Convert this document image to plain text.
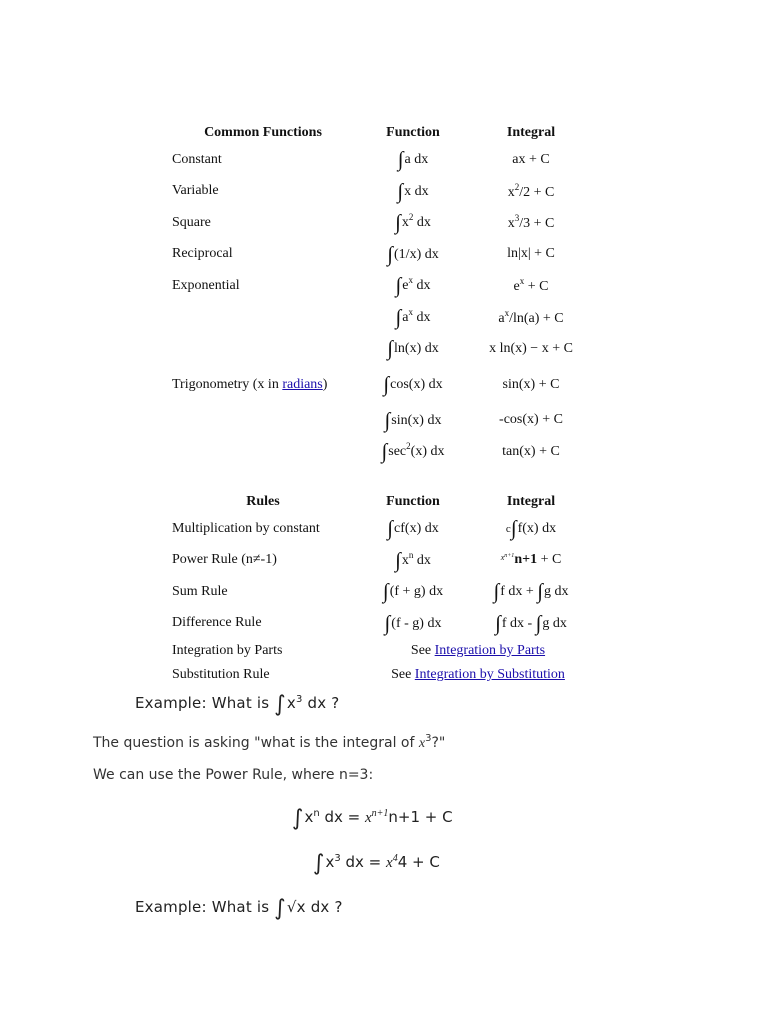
Common Functions	Function	Integral
Constant	∫a dx	ax + C
Variable	∫x dx	$x^2/2 + C$
Square	$\int x^2$ dx	$x^3/3 + C$
Reciprocal	∫(1/x) dx	ln|x| + C
Exponential	$\int e^x$ dx	$e^x + C$
	$\int a^x$ dx	$a^x/\ln(a) + C$
	∫ln(x) dx	x ln(x) − x + C
Trigonometry (x in radians)	∫cos(x) dx	sin(x) + C
	∫sin(x) dx	-cos(x) + C
	$\int\sec^2(x)$ dx	tan(x) + C
Rules	Function	Integral
Multiplication by constant	∫cf(x) dx	c∫f(x) dx
Power Rule (n≠-1)	$\int x^n$ dx	$^{xn+1}$n+1 + C
Sum Rule	∫(f + g) dx	∫f dx + ∫g dx
Difference Rule	∫(f - g) dx	∫f dx - ∫g dx
Integration by Parts	See Integration by Parts	
Substitution Rule	See Integration by Substitution	
Example: What is $\int x^3$ dx ?
The question is asking "what is the integral of $x^3$?"
We can use the Power Rule, where n=3:
$\int x^n$ dx = $x^{n+1}n+1 + C$
$\int x^3$ dx = $x^44 + C$
Example: What is ∫√x dx ?
